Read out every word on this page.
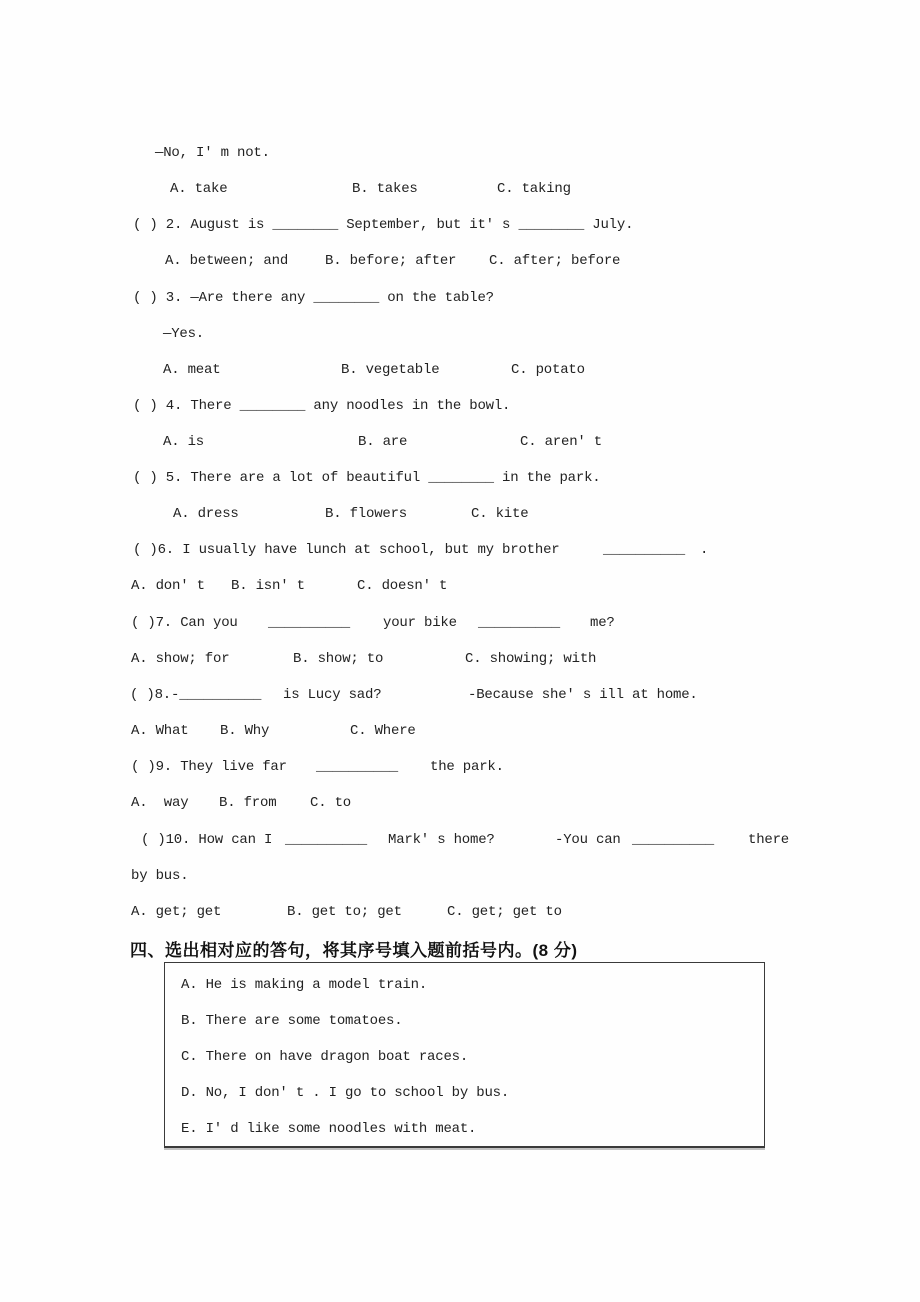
—No, I' m not.
A. take	B. takes	C. taking
( ) 2. August is ________ September, but it' s ________ July.
A. between; and	B. before; after C. after; before
( ) 3. —Are there any ________ on the table?
—Yes.
A. meat	B. vegetable	C. potato
( ) 4. There ________ any noodles in the bowl.
A. is	B. are	C. aren' t
( ) 5. There are a lot of beautiful ________ in the park.
A. dress	B. flowers	C. kite
( )6. I usually have lunch at school, but my brother	__________ .
A. don' t B. isn' t	C. doesn' t
( )7. Can you __________ your bike __________ me?
A. show; for	B. show; to	C. showing; with
( )8.-__________ is Lucy sad?	-Because she' s ill at home.
A. What B. Why	C. Where
( )9. They live far __________ the park.
A.  way B. from C. to
( )10. How can I __________ Mark' s home?	-You can __________ there
by bus.
A. get; get	B. get to; get	C. get; get to
四、选出相对应的答句，将其序号填入题前括号内。(8 分)
A. He is making a model train.
B. There are some tomatoes.
C. There on have dragon boat races.
D. No, I don' t . I go to school by bus.
E. I' d like some noodles with meat.
